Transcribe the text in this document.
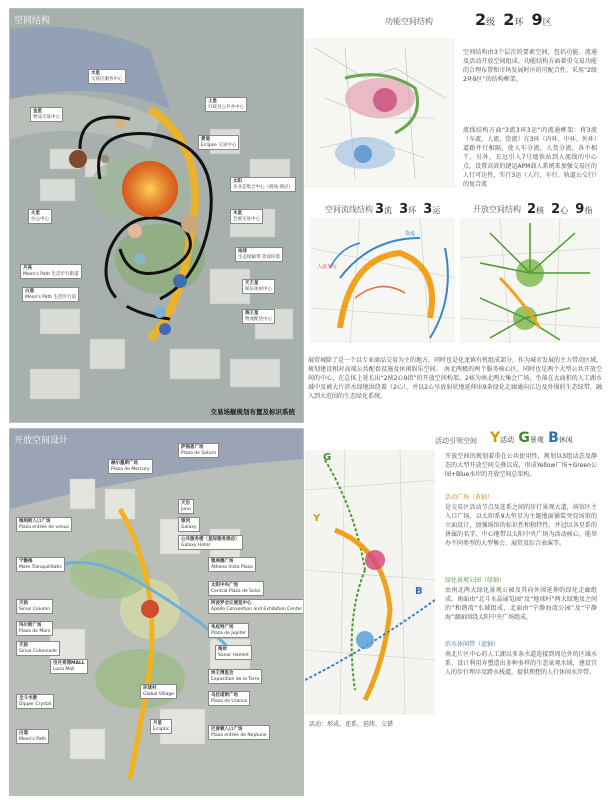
空间结构
水星
交易区服务中心
金星
物品交易中心
土星
行政及公共办中心
黄道
Eclipse 交易中心
太阳
多业态集合中心（商场·酒店）
木星
会展交易中心
火星
办公中心
地球
生态绿廊带·景观环境
月亮
Moon's Path 生活步行街道
天王星
娱乐休闲中心
白道
Moon's Path 生活步行道
海王星
物流配送中心
交易场舰规划布置及标识系统
功能空间结构	2级 2环 9区
空间结构由3个层次的要素空间，包括功能、流通及活动开放空间组成。功能结构方面着重交易功能的合理布置和市场发展时序的可配合性。采用“2级2环9区”的结构框架。
流线结构方面“3流3环3运”的流通框架：将3流（车流、人流、货流）在3环（内环、中环、外环）道路并行相隔，使人车分流，人货分流，各不相干。另外，长远引入7号地铁站到人流线的中心点，设置高效的捷运APM载人系统来加强交易区的人行可达性，实行3运（人行、车行、轨道公交行）的复合流
空间流线结构 3流 3环 3运
人流车行
货流
开放空间结构 2核 2心 9指
展贸城除了是一个以专业商品交易为主的地方，同时也是化龙镇有机组成部分，作为城市发展的主力带动区域，规划建设相对高端公共配套设施及休闲娱乐空间。 南北两极的两个服务核心区，同时也是两个大型公共开放空间的中心，在总体上延长出“2核2心9指”的开放空间构架。2核为南北两大集会广场，坐落在大面积的人工湖水域中及被大片滨水绿地围绕着（2心），并以2心呈放射状地延伸出9条绿化走廊通向江边及外围的生态绿带，融入到大范围的生态绿化系统。
开放空间设计
萨图恩广场
Plaza de Saturn
赫尔墨斯广场
Plaza de Mercury
维纳斯入口广场
Plaza entrée de venus
天后
Juno
银河
Galaxy
公共服务楼（星际服务酒店）
Galaxy Hotel
雅典娜广场
Athena Vista Plaza
宁静海
Mare Tranquillitatis
太阳中央广场
Central Plaza de Solar
天狼
Sirius Column
阿波罗会议展览中心
Apollo Convention and Exhibition Center
玛尔斯广场
Plaza de Mars
朱庇特广场
Plaza de Jupiter
天狼
Sirius Colonnade	海岸
Sonar Hamlet
坤王博览会
Exposition de la Terre
空月亮湾MALL
Luna Mall
环球村
Global Village	乌拉诺斯广场
Plaza de Uranus
全斗水港
Dipper Crystal
月星
Ecliptic
白道
Moon's Path
尼普顿入口广场
Plaza entrée de Neptune
活动引领空间 Y活动 G景观 B休闲
G
Y
B
开放空间的规划着重在公共使用性，规划以3组动态及静态的大型开放空间交叠以成，形成Yellow广场+Green公园+Blue水岸的开放空间总架构。
活动广场（黄轴）
是交易区活动节点及连系之间的步行景观大道，场馆区主入口广场，以太阳系9大恒星为主题地面铺装突显场馆的立面设计，加强场馆的标识性和独特性。并冠以各星系的拼属的名字，中心地带以太阳中央广场为活动核心，能举办不同类型的大型集会、展贸及综合表演等。
绿化景观公园（绿轴）
由南北两大绿化景观公园及其向外围延伸的绿化走廊组成。南面由“北斗水晶展览园”及“地球村”两大绿地及之间的“和谐湾”水域组成，北面由“宁静海湾公园”及“宁静海”湖面围绕太阳中央广场组成。
滨水休闲带（蓝轴）
南北片区中心的人工湖以多条水道连接到周边外的区域水系，设计利用弃塑造出多种多样的生态景观水域，建设宜人的步行埋岸及跨水栈道，提供理想的人行休闲水岸带。
活动：形成、连系、延续、交错
